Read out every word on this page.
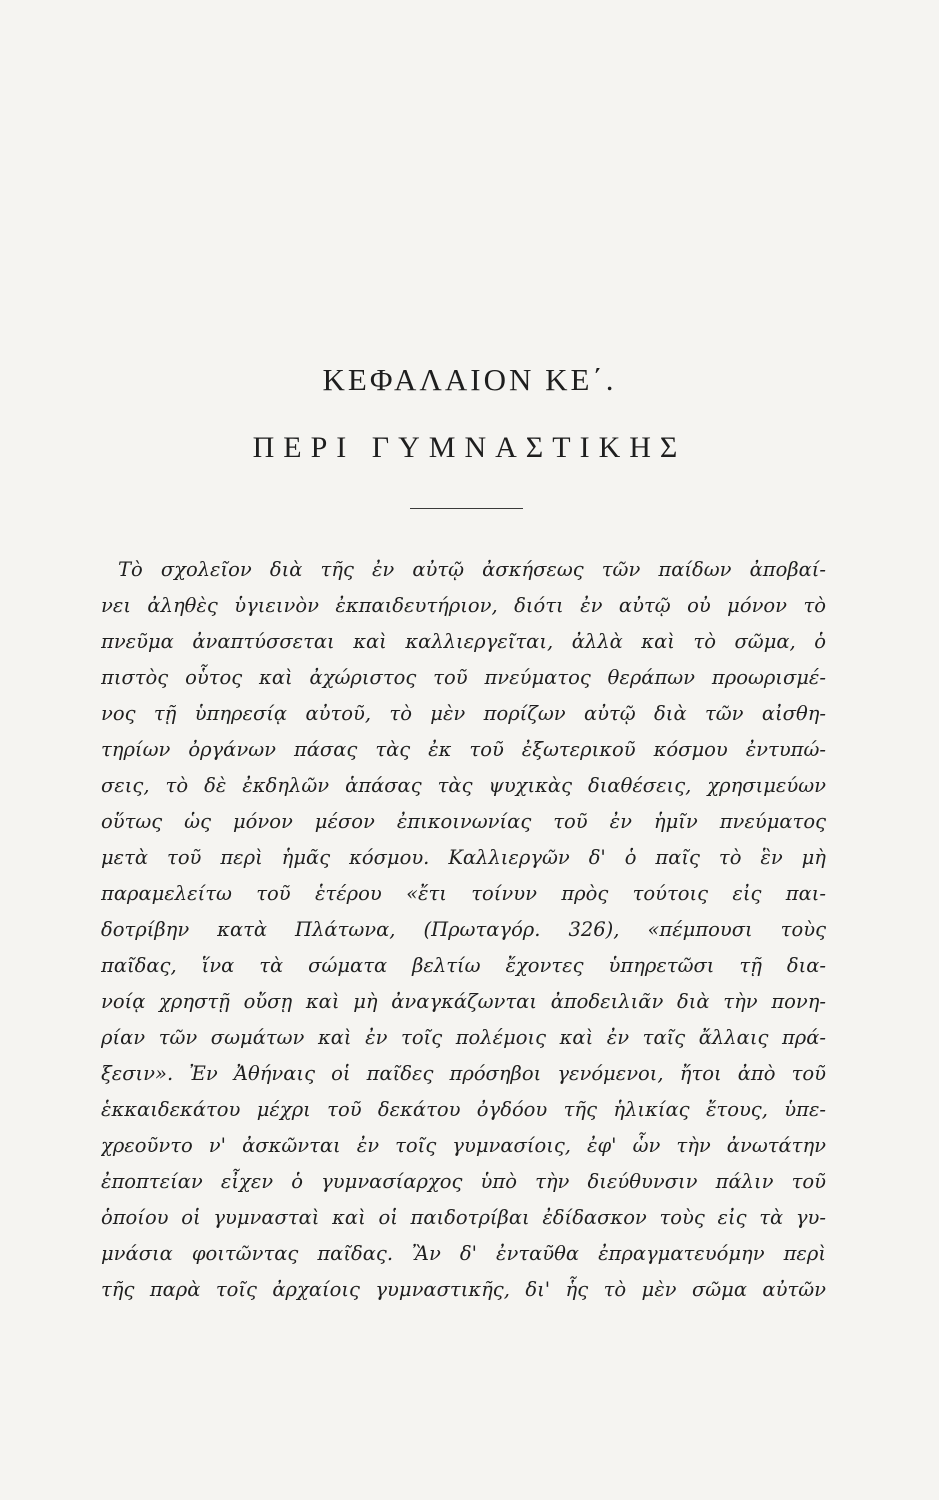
ΚΕΦΑΛΑΙΟΝ ΚΕ΄.
ΠΕΡΙ ΓΥΜΝΑΣΤΙΚΗΣ
Τὸ σχολεῖον διὰ τῆς ἐν αὐτῷ ἀσκήσεως τῶν παίδων ἀποβαί-
νει ἀληθὲς ὑγιεινὸν ἐκπαιδευτήριον, διότι ἐν αὐτῷ οὐ μόνον τὸ
πνεῦμα ἀναπτύσσεται καὶ καλλιεργεῖται, ἀλλὰ καὶ τὸ σῶμα, ὁ
πιστὸς οὗτος καὶ ἀχώριστος τοῦ πνεύματος θεράπων προωρισμέ-
νος τῇ ὑπηρεσίᾳ αὐτοῦ, τὸ μὲν πορίζων αὐτῷ διὰ τῶν αἰσθη-
τηρίων ὀργάνων πάσας τὰς ἐκ τοῦ ἐξωτερικοῦ κόσμου ἐντυπώ-
σεις, τὸ δὲ ἐκδηλῶν ἁπάσας τὰς ψυχικὰς διαθέσεις, χρησιμεύων
οὕτως ὡς μόνον μέσον ἐπικοινωνίας τοῦ ἐν ἡμῖν πνεύματος
μετὰ τοῦ περὶ ἡμᾶς κόσμου. Καλλιεργῶν δ' ὁ παῖς τὸ ἓν μὴ
παραμελείτω τοῦ ἑτέρου «ἔτι τοίνυν πρὸς τούτοις εἰς παι-
δοτρίβην κατὰ Πλάτωνα, (Πρωταγόρ. 326), «πέμπουσι τοὺς
παῖδας, ἵνα τὰ σώματα βελτίω ἔχοντες ὑπηρετῶσι τῇ δια-
νοίᾳ χρηστῇ οὔσῃ καὶ μὴ ἀναγκάζωνται ἀποδειλιᾶν διὰ τὴν πονη-
ρίαν τῶν σωμάτων καὶ ἐν τοῖς πολέμοις καὶ ἐν ταῖς ἄλλαις πρά-
ξεσιν». Ἐν Ἀθήναις οἱ παῖδες πρόσηβοι γενόμενοι, ἤτοι ἀπὸ τοῦ
ἑκκαιδεκάτου μέχρι τοῦ δεκάτου ὀγδόου τῆς ἡλικίας ἔτους, ὑπε-
χρεοῦντο ν' ἀσκῶνται ἐν τοῖς γυμνασίοις, ἐφ' ὧν τὴν ἀνωτάτην
ἐποπτείαν εἶχεν ὁ γυμνασίαρχος ὑπὸ τὴν διεύθυνσιν πάλιν τοῦ
ὁποίου οἱ γυμνασταὶ καὶ οἱ παιδοτρίβαι ἐδίδασκον τοὺς εἰς τὰ γυ-
μνάσια φοιτῶντας παῖδας. Ἂν δ' ἐνταῦθα ἐπραγματευόμην περὶ
τῆς παρὰ τοῖς ἀρχαίοις γυμναστικῆς, δι' ἧς τὸ μὲν σῶμα αὐτῶν
